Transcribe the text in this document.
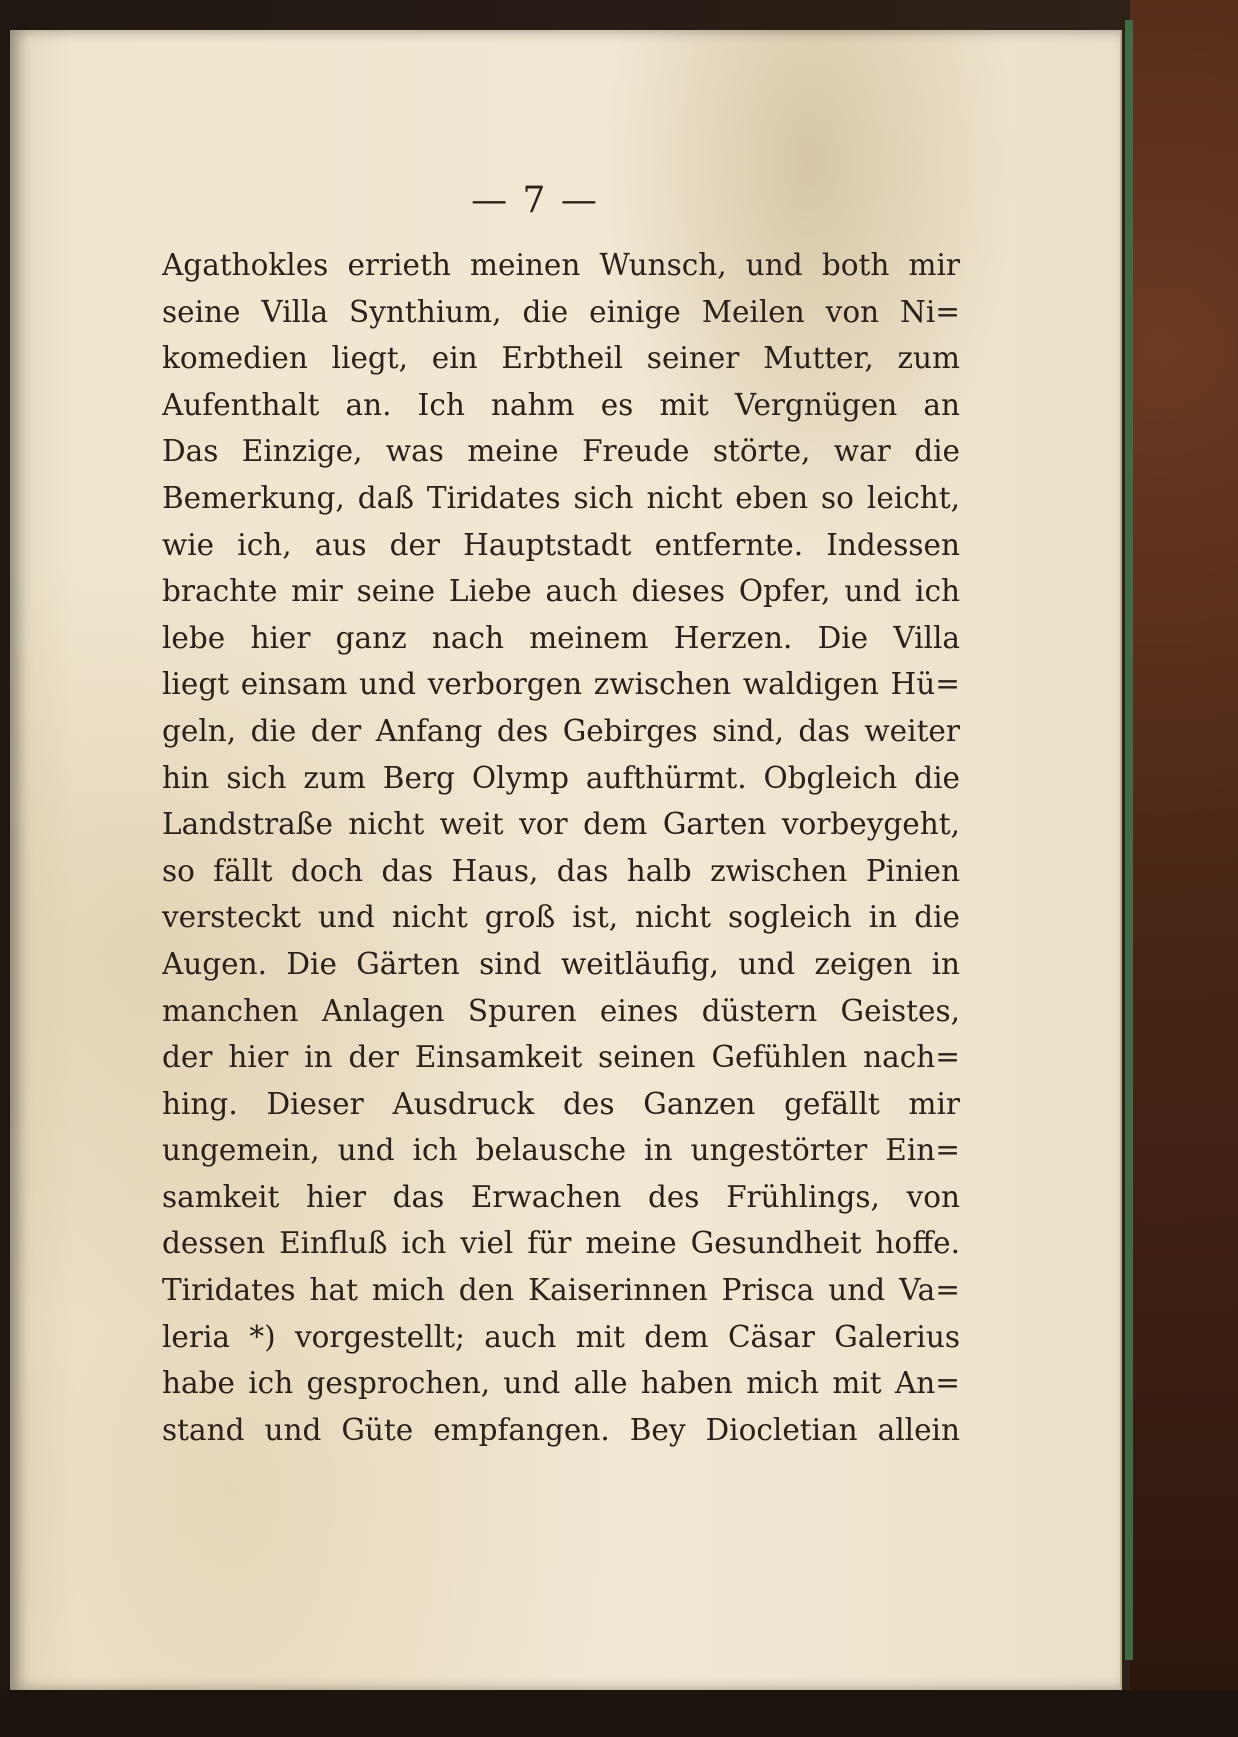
— 7 —
Agathokles errieth meinen Wunsch, und both mir
seine Villa Synthium, die einige Meilen von Ni=
komedien liegt, ein Erbtheil seiner Mutter, zum
Aufenthalt an. Ich nahm es mit Vergnügen an
Das Einzige, was meine Freude störte, war die
Bemerkung, daß Tiridates sich nicht eben so leicht,
wie ich, aus der Hauptstadt entfernte. Indessen
brachte mir seine Liebe auch dieses Opfer, und ich
lebe hier ganz nach meinem Herzen. Die Villa
liegt einsam und verborgen zwischen waldigen Hü=
geln, die der Anfang des Gebirges sind, das weiter
hin sich zum Berg Olymp aufthürmt. Obgleich die
Landstraße nicht weit vor dem Garten vorbeygeht,
so fällt doch das Haus, das halb zwischen Pinien
versteckt und nicht groß ist, nicht sogleich in die
Augen. Die Gärten sind weitläufig, und zeigen in
manchen Anlagen Spuren eines düstern Geistes,
der hier in der Einsamkeit seinen Gefühlen nach=
hing. Dieser Ausdruck des Ganzen gefällt mir
ungemein, und ich belausche in ungestörter Ein=
samkeit hier das Erwachen des Frühlings, von
dessen Einfluß ich viel für meine Gesundheit hoffe.
Tiridates hat mich den Kaiserinnen Prisca und Va=
leria *) vorgestellt; auch mit dem Cäsar Galerius
habe ich gesprochen, und alle haben mich mit An=
stand und Güte empfangen. Bey Diocletian allein
